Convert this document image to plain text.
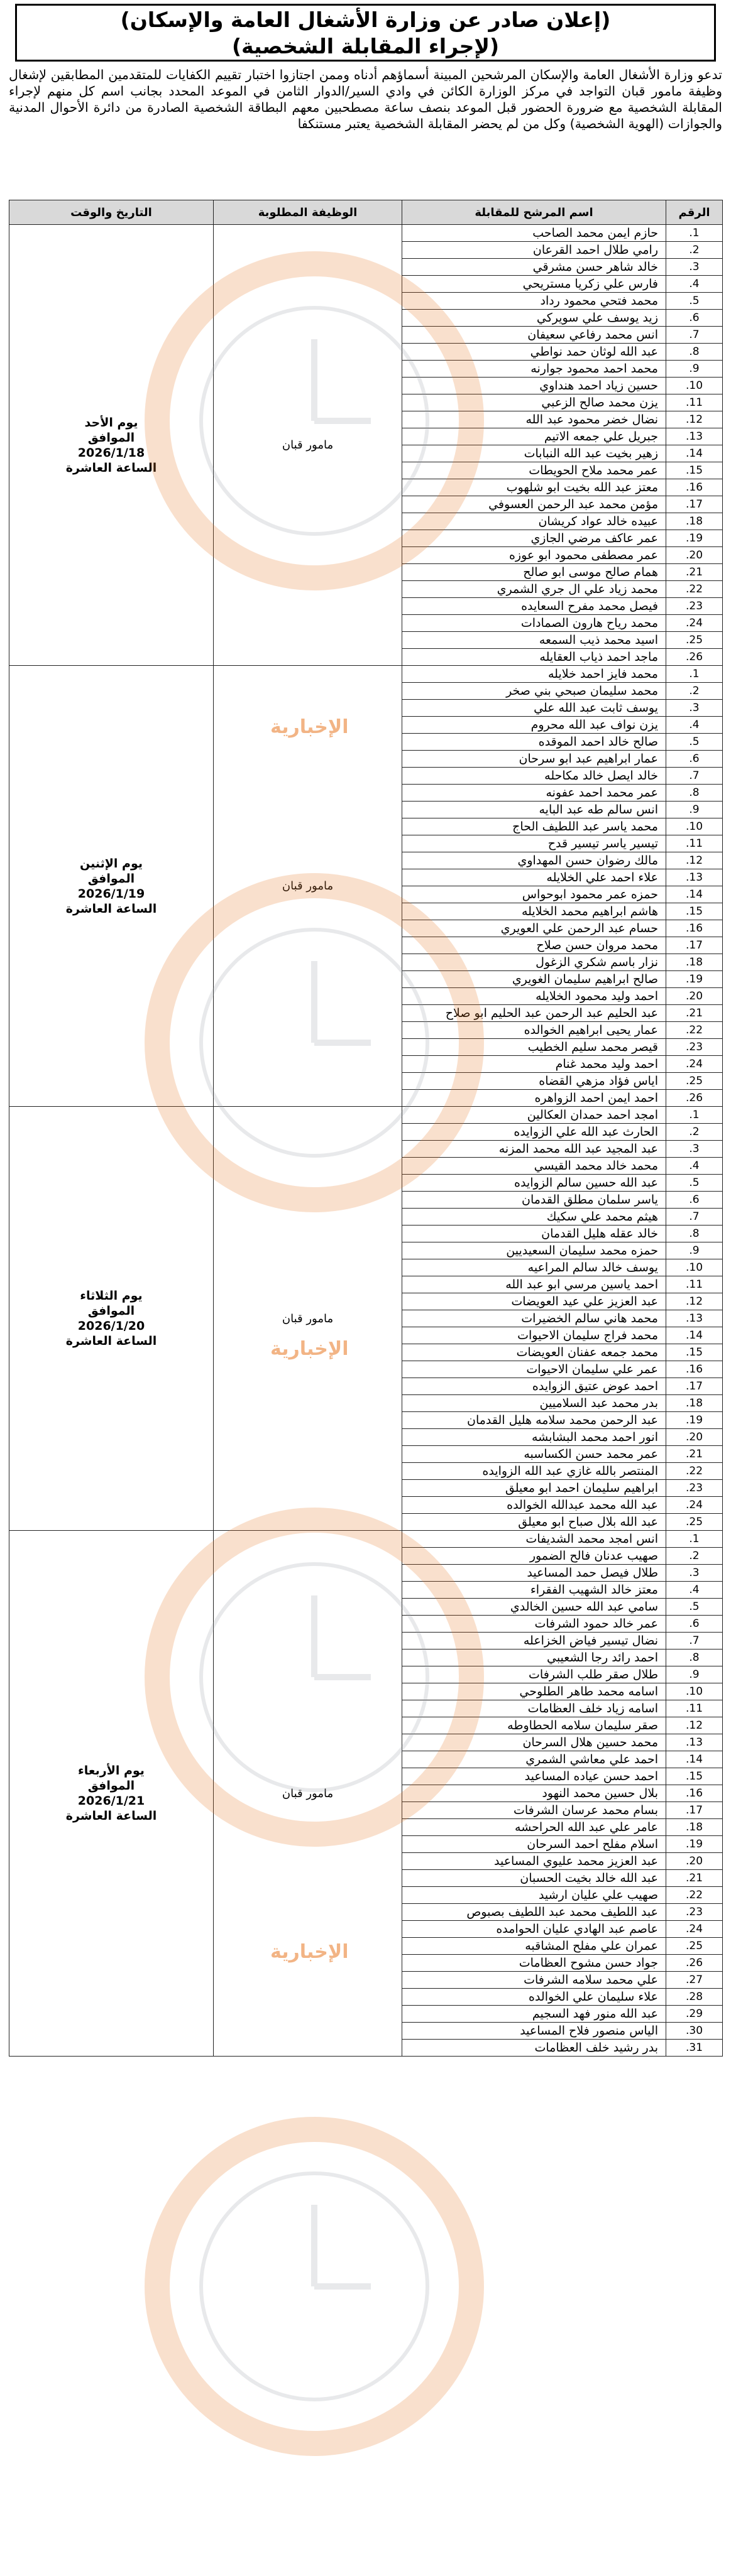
(إعلان صادر عن وزارة الأشغال العامة والإسكان)
(لإجراء المقابلة الشخصية)

تدعو وزارة الأشغال العامة والإسكان المرشحين المبينة أسماؤهم أدناه وممن اجتازوا اختبار تقييم الكفايات للمتقدمين المطابقين لإشغال وظيفة مامور قبان التواجد في مركز الوزارة الكائن في وادي السير/الدوار الثامن في الموعد المحدد بجانب اسم كل منهم لإجراء المقابلة الشخصية مع ضرورة الحضور قبل الموعد بنصف ساعة مصطحبين معهم البطاقة الشخصية الصادرة من دائرة الأحوال المدنية والجوازات (الهوية الشخصية) وكل من لم يحضر المقابلة الشخصية يعتبر مستنكفا

الرقم	اسم المرشح للمقابلة	الوظيفة المطلوبة	التاريخ والوقت
1.	حازم ايمن محمد الصاحب	مامور قبان	يوم الأحد
الموافق
2026/1/18
الساعة العاشرة

2.	رامي طلال احمد القرعان		
3.	خالد شاهر حسن مشرقي		
4.	فارس علي زكريا مستريحي		
5.	محمد فتحي محمود رداد		
6.	زيد يوسف علي سويركي		
7.	انس محمد رفاعي سعيفان		
8.	عبد الله لوثان حمد نواطي		
9.	محمد احمد محمود جوارنه		
10.	حسين زياد احمد هنداوي		
11.	يزن محمد صالح الزعبي		
12.	نضال خضر محمود عبد الله		
13.	جبريل علي جمعه الاتيم		
14.	زهير بخيت عبد الله النبابات		
15.	عمر محمد ملاح الحويطات		
16.	معتز عبد الله بخيت ابو شلهوب		
17.	مؤمن محمد عبد الرحمن العسوفي		
18.	عبيده خالد عواد كريشان		
19.	عمر عاكف مرضي الجازي		
20.	عمر مصطفى محمود ابو عوزه		
21.	همام صالح موسى ابو صالح		
22.	محمد زياد علي ال جري الشمري		
23.	فيصل محمد مفرح السعايده		
24.	محمد رياح هارون الصمادات		
25.	اسيد محمد ذيب السمعه		
26.	ماجد احمد ذياب العقايله		
1.	محمد فايز احمد خلايله	مامور قبان	يوم الإثنين
الموافق
2026/1/19
الساعة العاشرة

2.	محمد سليمان صبحي بني صخر		
3.	يوسف ثابت عبد الله علي		
4.	يزن نواف عبد الله محروم		
5.	صالح خالد احمد الموقده		
6.	عمار ابراهيم عبد ابو سرحان		
7.	خالد ايصل خالد مكاحله		
8.	عمر محمد احمد عفونه		
9.	انس سالم طه عبد البايه		
10.	محمد ياسر عبد اللطيف الحاج		
11.	تيسير ياسر تيسير قدح		
12.	مالك رضوان حسن المهداوي		
13.	علاء احمد علي الخلايله		
14.	حمزه عمر محمود ابوحواس		
15.	هاشم ابراهيم محمد الخلايله		
16.	حسام عبد الرحمن علي العويري		
17.	محمد مروان حسن صلاح		
18.	نزار باسم شكري الزغول		
19.	صالح ابراهيم سليمان الغويري		
20.	احمد وليد محمود الخلايله		
21.	عبد الحليم عبد الرحمن عبد الحليم ابو صلاح		
22.	عمار يحيى ابراهيم الخوالده		
23.	قيصر محمد سليم الخطيب		
24.	احمد وليد محمد غنام		
25.	اياس فؤاد مزهي القضاه		
26.	احمد ايمن احمد الزواهره		
1.	امجد احمد حمدان العكالين	مامور قبان	يوم الثلاثاء
الموافق
2026/1/20
الساعة العاشرة

2.	الحارث عبد الله علي الزوايده		
3.	عبد المجيد عبد الله محمد المزنه		
4.	محمد خالد محمد القيسي		
5.	عبد الله حسين سالم الزوايده		
6.	ياسر سلمان مطلق القدمان		
7.	هيثم محمد علي سكيك		
8.	خالد عقله هليل القدمان		
9.	حمزه محمد سليمان السعيديين		
10.	يوسف خالد سالم المراعيه		
11.	احمد ياسين مرسي ابو عبد الله		
12.	عبد العزيز علي عيد العويضات		
13.	محمد هاني سالم الخضيرات		
14.	محمد فراج سليمان الاحيوات		
15.	محمد جمعه عفنان العويضات		
16.	عمر علي سليمان الاحيوات		
17.	احمد عوض عتيق الزوايده		
18.	بدر محمد عبد السلاميين		
19.	عبد الرحمن محمد سلامه هليل القدمان		
20.	انور احمد محمد البشابشه		
21.	عمر محمد حسن الكساسبه		
22.	المنتصر بالله غازي عبد الله الزوايده		
23.	ابراهيم سليمان احمد ابو معيلق		
24.	عبد الله محمد عبدالله الخوالده		
25.	عبد الله بلال صباح ابو معيلق		
1.	انس امجد محمد الشديفات	مامور قبان	يوم الأربعاء
الموافق
2026/1/21
الساعة العاشرة

2.	صهيب عدنان فالح الضمور		
3.	طلال فيصل حمد المساعيد		
4.	معتز خالد الشهيب الفقراء		
5.	سامي عبد الله حسين الخالدي		
6.	عمر خالد حمود الشرفات		
7.	نضال تيسير فياض الخزاعله		
8.	احمد رائد رجا الشعيبي		
9.	طلال صقر طلب الشرفات		
10.	اسامه محمد طاهر الطلوحي		
11.	اسامه زياد خلف العظامات		
12.	صقر سليمان سلامه الحطاوطه		
13.	محمد حسين هلال السرحان		
14.	احمد علي معاشي الشمري		
15.	احمد حسن عياده المساعيد		
16.	بلال حسين محمد النهود		
17.	بسام محمد عرسان الشرفات		
18.	عامر علي عبد الله الحراحشه		
19.	اسلام مفلح احمد السرحان		
20.	عبد العزيز محمد عليوي المساعيد		
21.	عبد الله خالد بخيت الحسبان		
22.	صهيب علي عليان ارشيد		
23.	عبد اللطيف محمد عبد اللطيف بصبوص		
24.	عاصم عبد الهادي عليان الحوامده		
25.	عمران علي مفلح المشاقبه		
26.	جواد حسن مشوح العظامات		
27.	علي محمد سلامه الشرفات		
28.	علاء سليمان علي الخوالده		
29.	عبد الله منور فهد السجيم		
30.	الياس منصور فلاح المساعيد		
31.	بدر رشيد خلف العظامات		
الإخبارية
الإخبارية
الإخبارية
